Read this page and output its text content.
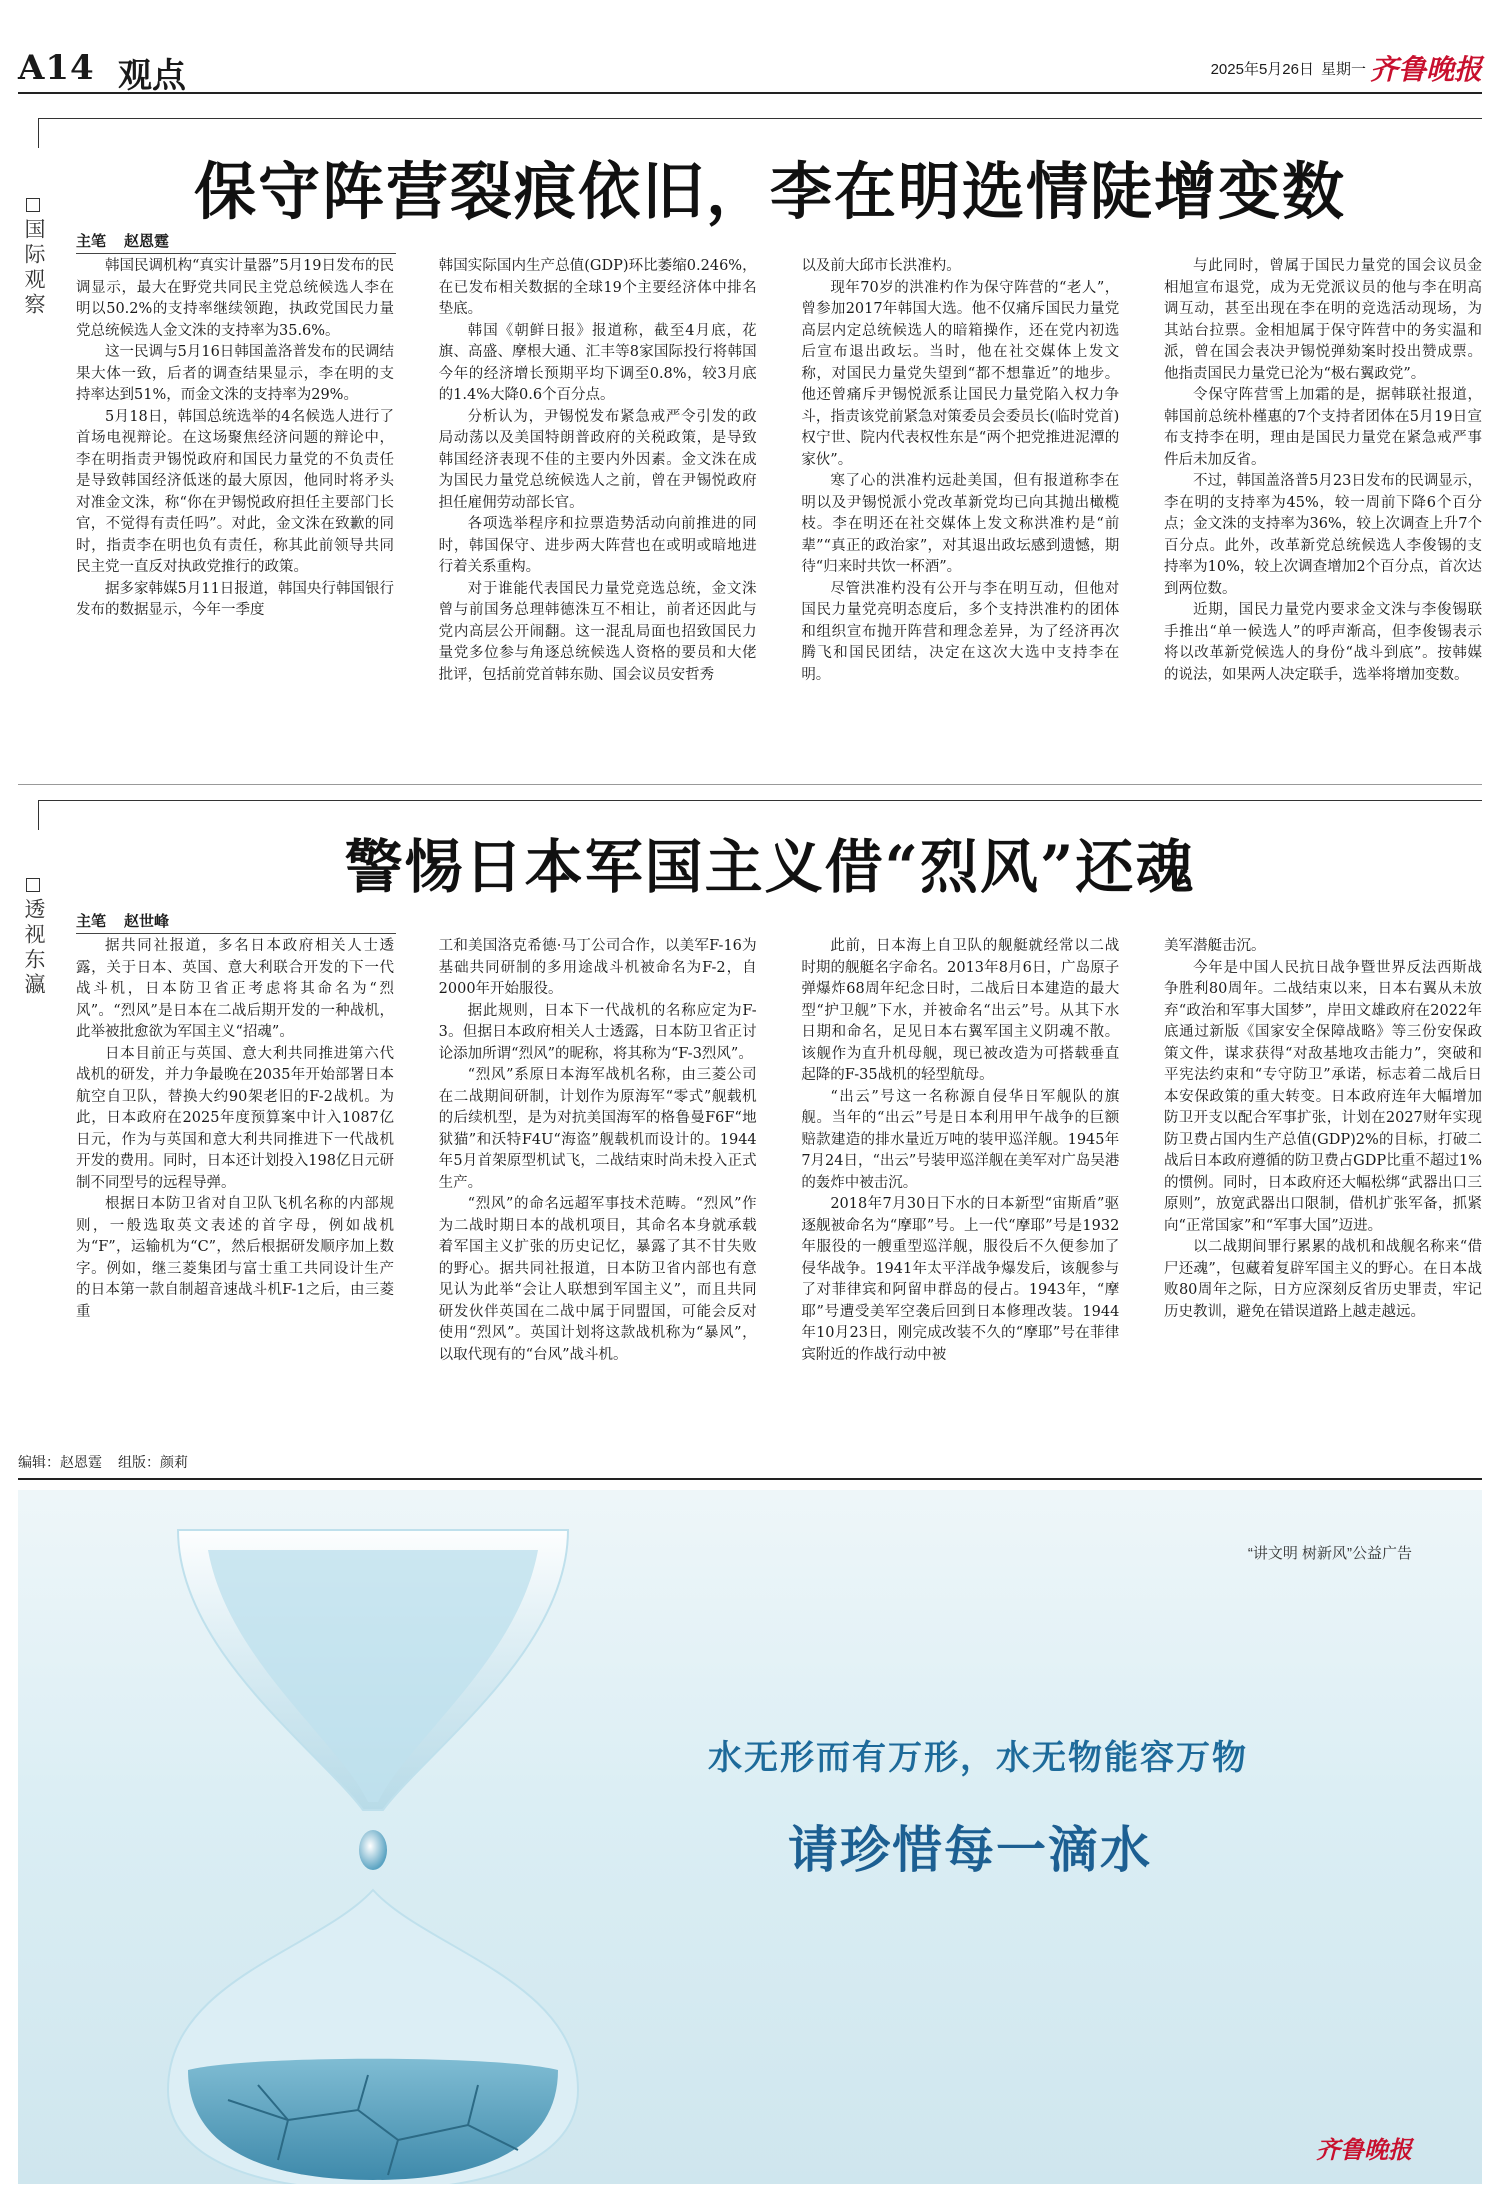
A14 观点	2025年5月26日 星期一 齐鲁晚报
保守阵营裂痕依旧，李在明选情陡增变数
国际观察 主笔 赵恩霆

韩国民调机构“真实计量器”5月19日发布的民调显示，最大在野党共同民主党总统候选人李在明以50.2%的支持率继续领跑，执政党国民力量党总统候选人金文洙的支持率为35.6%。

这一民调与5月16日韩国盖洛普发布的民调结果大体一致，后者的调查结果显示，李在明的支持率达到51%，而金文洙的支持率为29%。

5月18日，韩国总统选举的4名候选人进行了首场电视辩论。在这场聚焦经济问题的辩论中，李在明指责尹锡悦政府和国民力量党的不负责任是导致韩国经济低迷的最大原因，他同时将矛头对准金文洙，称“你在尹锡悦政府担任主要部门长官，不觉得有责任吗”。对此，金文洙在致歉的同时，指责李在明也负有责任，称其此前领导共同民主党一直反对执政党推行的政策。

据多家韩媒5月11日报道，韩国央行韩国银行发布的数据显示，今年一季度

韩国实际国内生产总值(GDP)环比萎缩0.246%，在已发布相关数据的全球19个主要经济体中排名垫底。

韩国《朝鲜日报》报道称，截至4月底，花旗、高盛、摩根大通、汇丰等8家国际投行将韩国今年的经济增长预期平均下调至0.8%，较3月底的1.4%大降0.6个百分点。

分析认为，尹锡悦发布紧急戒严令引发的政局动荡以及美国特朗普政府的关税政策，是导致韩国经济表现不佳的主要内外因素。金文洙在成为国民力量党总统候选人之前，曾在尹锡悦政府担任雇佣劳动部长官。

各项选举程序和拉票造势活动向前推进的同时，韩国保守、进步两大阵营也在或明或暗地进行着关系重构。

对于谁能代表国民力量党竞选总统，金文洙曾与前国务总理韩德洙互不相让，前者还因此与党内高层公开闹翻。这一混乱局面也招致国民力量党多位参与角逐总统候选人资格的要员和大佬批评，包括前党首韩东勋、国会议员安哲秀

以及前大邱市长洪准杓。

现年70岁的洪准杓作为保守阵营的“老人”，曾参加2017年韩国大选。他不仅痛斥国民力量党高层内定总统候选人的暗箱操作，还在党内初选后宣布退出政坛。当时，他在社交媒体上发文称，对国民力量党失望到“都不想靠近”的地步。他还曾痛斥尹锡悦派系让国民力量党陷入权力争斗，指责该党前紧急对策委员会委员长(临时党首)权宁世、院内代表权性东是“两个把党推进泥潭的家伙”。

寒了心的洪准杓远赴美国，但有报道称李在明以及尹锡悦派小党改革新党均已向其抛出橄榄枝。李在明还在社交媒体上发文称洪准杓是“前辈”“真正的政治家”，对其退出政坛感到遗憾，期待“归来时共饮一杯酒”。

尽管洪准杓没有公开与李在明互动，但他对国民力量党亮明态度后，多个支持洪准杓的团体和组织宣布抛开阵营和理念差异，为了经济再次腾飞和国民团结，决定在这次大选中支持李在明。

与此同时，曾属于国民力量党的国会议员金相旭宣布退党，成为无党派议员的他与李在明高调互动，甚至出现在李在明的竞选活动现场，为其站台拉票。金相旭属于保守阵营中的务实温和派，曾在国会表决尹锡悦弹劾案时投出赞成票。他指责国民力量党已沦为“极右翼政党”。

令保守阵营雪上加霜的是，据韩联社报道，韩国前总统朴槿惠的7个支持者团体在5月19日宣布支持李在明，理由是国民力量党在紧急戒严事件后未加反省。

不过，韩国盖洛普5月23日发布的民调显示，李在明的支持率为45%，较一周前下降6个百分点；金文洙的支持率为36%，较上次调查上升7个百分点。此外，改革新党总统候选人李俊锡的支持率为10%，较上次调查增加2个百分点，首次达到两位数。

近期，国民力量党内要求金文洙与李俊锡联手推出“单一候选人”的呼声渐高，但李俊锡表示将以改革新党候选人的身份“战斗到底”。按韩媒的说法，如果两人决定联手，选举将增加变数。

警惕日本军国主义借“烈风”还魂
透视东瀛 主笔 赵世峰

据共同社报道，多名日本政府相关人士透露，关于日本、英国、意大利联合开发的下一代战斗机，日本防卫省正考虑将其命名为“烈风”。“烈风”是日本在二战后期开发的一种战机，此举被批愈欲为军国主义“招魂”。

日本目前正与英国、意大利共同推进第六代战机的研发，并力争最晚在2035年开始部署日本航空自卫队，替换大约90架老旧的F-2战机。为此，日本政府在2025年度预算案中计入1087亿日元，作为与英国和意大利共同推进下一代战机开发的费用。同时，日本还计划投入198亿日元研制不同型号的远程导弹。

根据日本防卫省对自卫队飞机名称的内部规则，一般选取英文表述的首字母，例如战机为“F”，运输机为“C”，然后根据研发顺序加上数字。例如，继三菱集团与富士重工共同设计生产的日本第一款自制超音速战斗机F-1之后，由三菱重

工和美国洛克希德·马丁公司合作，以美军F-16为基础共同研制的多用途战斗机被命名为F-2，自2000年开始服役。

据此规则，日本下一代战机的名称应定为F-3。但据日本政府相关人士透露，日本防卫省正讨论添加所谓“烈风”的昵称，将其称为“F-3烈风”。

“烈风”系原日本海军战机名称，由三菱公司在二战期间研制，计划作为原海军“零式”舰载机的后续机型，是为对抗美国海军的格鲁曼F6F“地狱猫”和沃特F4U“海盗”舰载机而设计的。1944年5月首架原型机试飞，二战结束时尚未投入正式生产。

“烈风”的命名远超军事技术范畴。“烈风”作为二战时期日本的战机项目，其命名本身就承载着军国主义扩张的历史记忆，暴露了其不甘失败的野心。据共同社报道，日本防卫省内部也有意见认为此举“会让人联想到军国主义”，而且共同研发伙伴英国在二战中属于同盟国，可能会反对使用“烈风”。英国计划将这款战机称为“暴风”，以取代现有的“台风”战斗机。

此前，日本海上自卫队的舰艇就经常以二战时期的舰艇名字命名。2013年8月6日，广岛原子弹爆炸68周年纪念日时，二战后日本建造的最大型“护卫舰”下水，并被命名“出云”号。从其下水日期和命名，足见日本右翼军国主义阴魂不散。该舰作为直升机母舰，现已被改造为可搭载垂直起降的F-35战机的轻型航母。

“出云”号这一名称源自侵华日军舰队的旗舰。当年的“出云”号是日本利用甲午战争的巨额赔款建造的排水量近万吨的装甲巡洋舰。1945年7月24日，“出云”号装甲巡洋舰在美军对广岛吴港的轰炸中被击沉。

2018年7月30日下水的日本新型“宙斯盾”驱逐舰被命名为“摩耶”号。上一代“摩耶”号是1932年服役的一艘重型巡洋舰，服役后不久便参加了侵华战争。1941年太平洋战争爆发后，该舰参与了对菲律宾和阿留申群岛的侵占。1943年，“摩耶”号遭受美军空袭后回到日本修理改装。1944年10月23日，刚完成改装不久的“摩耶”号在菲律宾附近的作战行动中被

美军潜艇击沉。

今年是中国人民抗日战争暨世界反法西斯战争胜利80周年。二战结束以来，日本右翼从未放弃“政治和军事大国梦”，岸田文雄政府在2022年底通过新版《国家安全保障战略》等三份安保政策文件，谋求获得“对敌基地攻击能力”，突破和平宪法约束和“专守防卫”承诺，标志着二战后日本安保政策的重大转变。日本政府连年大幅增加防卫开支以配合军事扩张，计划在2027财年实现防卫费占国内生产总值(GDP)2%的目标，打破二战后日本政府遵循的防卫费占GDP比重不超过1%的惯例。同时，日本政府还大幅松绑“武器出口三原则”，放宽武器出口限制，借机扩张军备，抓紧向“正常国家”和“军事大国”迈进。

以二战期间罪行累累的战机和战舰名称来“借尸还魂”，包藏着复辟军国主义的野心。在日本战败80周年之际，日方应深刻反省历史罪责，牢记历史教训，避免在错误道路上越走越远。

编辑：赵恩霆 组版：颜莉
“讲文明 树新风”公益广告
水无形而有万形，水无物能容万物
请珍惜每一滴水
齐鲁晚报
